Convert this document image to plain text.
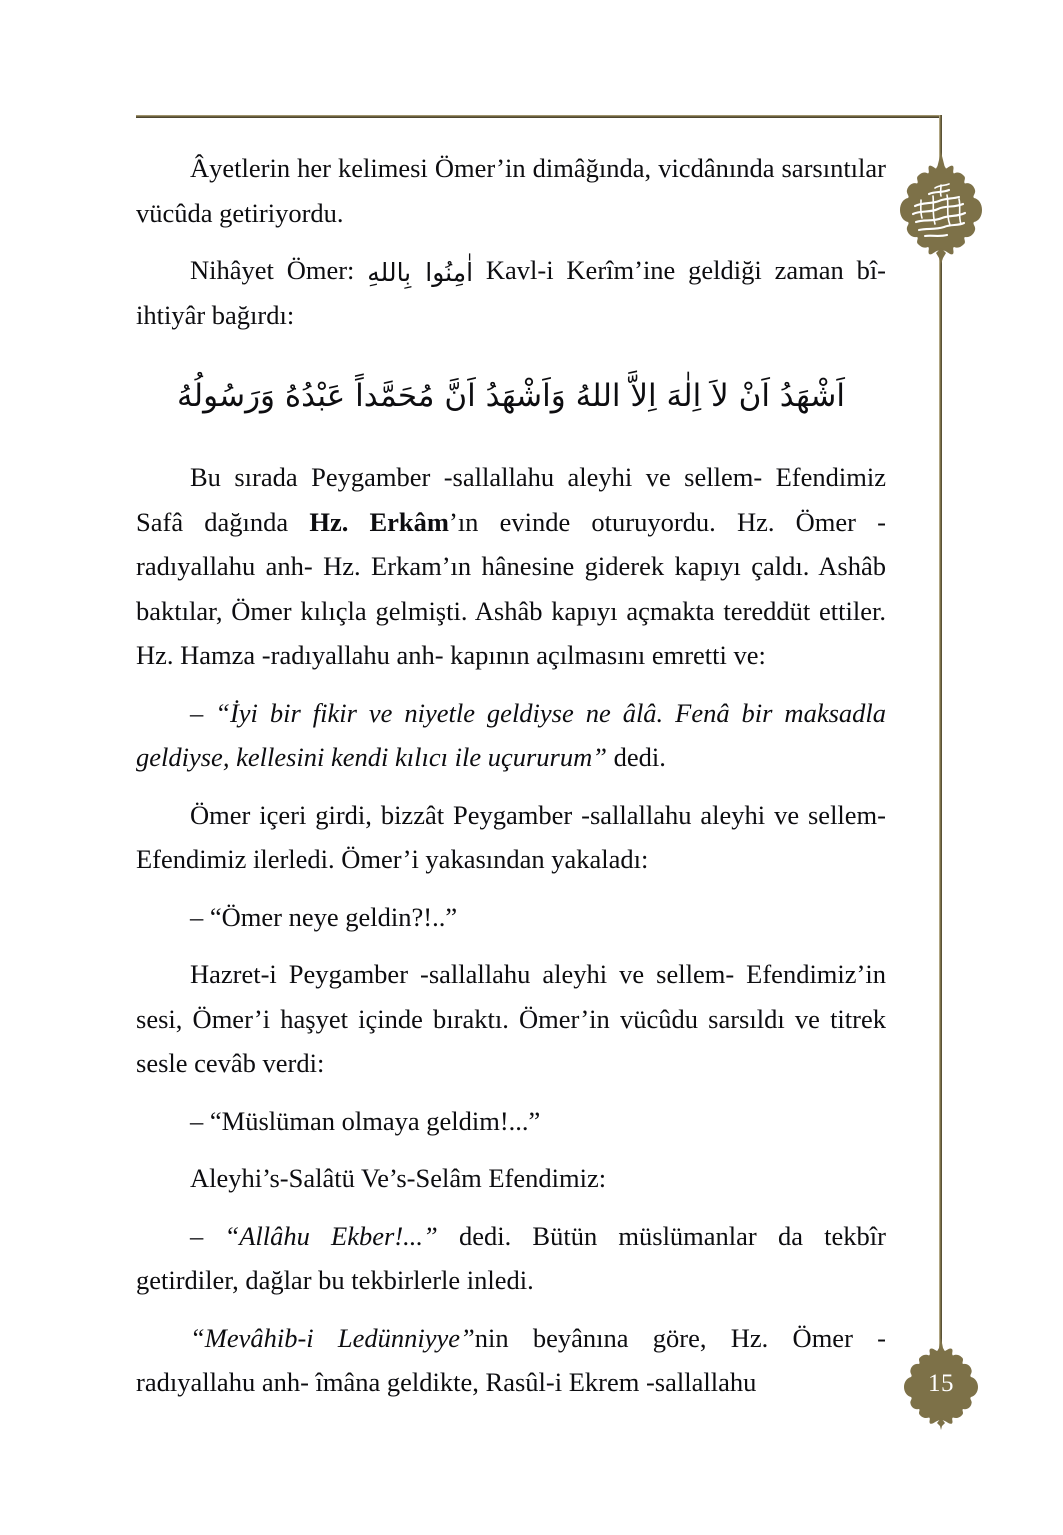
15

Âyetlerin her kelimesi Ömer’in dimâğında, vicdânında sarsıntılar vücûda getiriyordu.

Nihâyet Ömer: اٰمِنُوا بِاللهِ Kavl-i Kerîm’ine geldiği zaman bî-ihtiyâr bağırdı:

اَشْهَدُ اَنْ لاَ اِلٰهَ اِلاَّ اللهُ وَاَشْهَدُ اَنَّ مُحَمَّداً عَبْدُهُ وَرَسُولُهُ

Bu sırada Peygamber -sallallahu aleyhi ve sellem- Efendimiz Safâ dağında Hz. Erkâm’ın evinde oturuyordu. Hz. Ömer -radıyallahu anh- Hz. Erkam’ın hânesine giderek kapıyı çaldı. Ashâb baktılar, Ömer kılıçla gelmişti. Ashâb kapıyı açmakta tereddüt ettiler. Hz. Hamza -radıyallahu anh- kapının açılmasını emretti ve:

– “İyi bir fikir ve niyetle geldiyse ne âlâ. Fenâ bir maksadla geldiyse, kellesini kendi kılıcı ile uçururum” dedi.

Ömer içeri girdi, bizzât Peygamber -sallallahu aleyhi ve sellem- Efendimiz ilerledi. Ömer’i yakasından yakaladı:

– “Ömer neye geldin?!..”

Hazret-i Peygamber -sallallahu aleyhi ve sellem- Efendimiz’in sesi, Ömer’i haşyet içinde bıraktı. Ömer’in vücûdu sarsıldı ve titrek sesle cevâb verdi:

– “Müslüman olmaya geldim!...”

Aleyhi’s-Salâtü Ve’s-Selâm Efendimiz:

– “Allâhu Ekber!...” dedi. Bütün müslümanlar da tekbîr getirdiler, dağlar bu tekbirlerle inledi.

“Mevâhib-i Ledünniyye”nin beyânına göre, Hz. Ömer -radıyallahu anh- îmâna geldikte, Rasûl-i Ekrem -sallallahu
